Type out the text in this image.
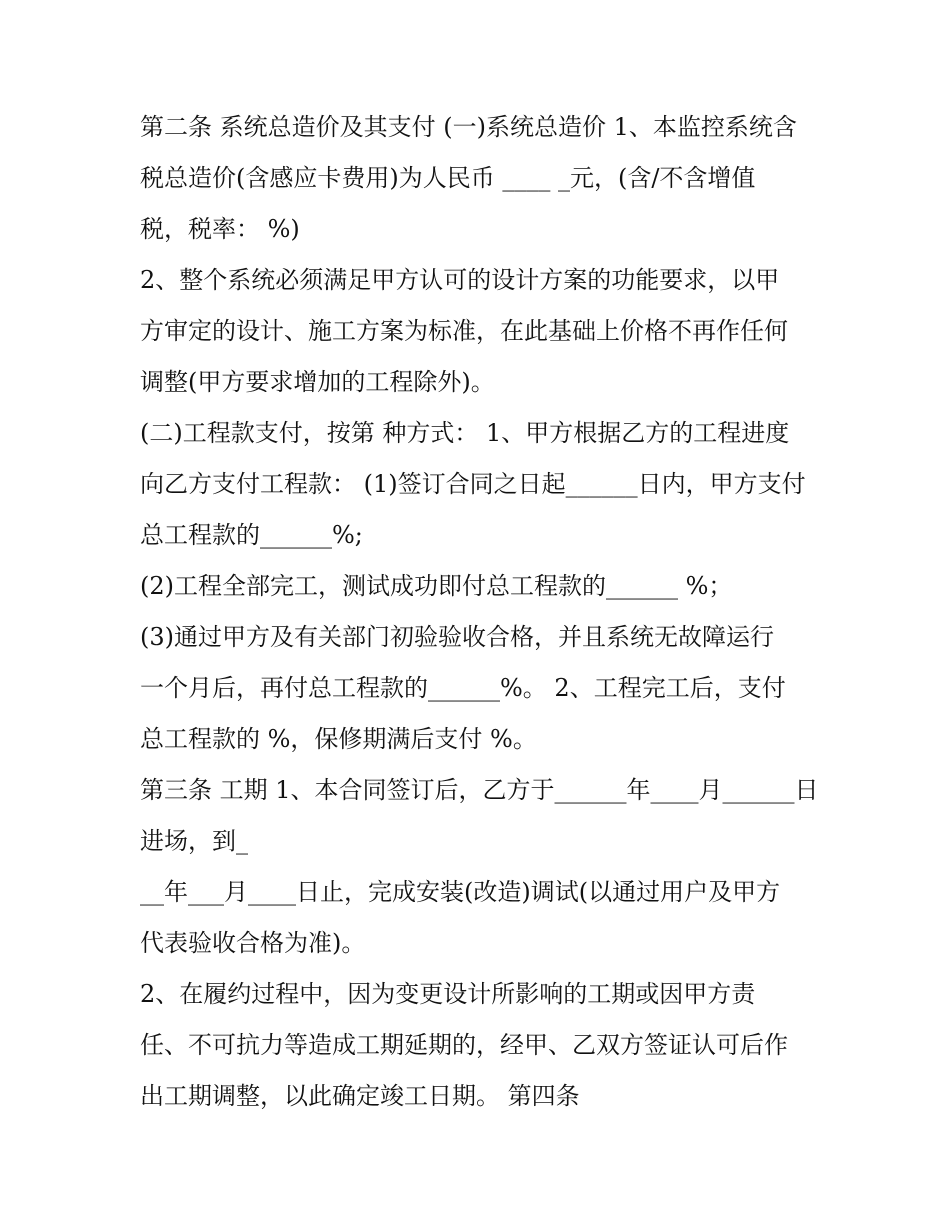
第二条 系统总造价及其支付 (一)系统总造价 1、本监控系统含
税总造价(含感应卡费用)为人民币 ____ _元，(含/不含增值
税，税率： %)
2、整个系统必须满足甲方认可的设计方案的功能要求，以甲
方审定的设计、施工方案为标准，在此基础上价格不再作任何
调整(甲方要求增加的工程除外)。
(二)工程款支付，按第 种方式： 1、甲方根据乙方的工程进度
向乙方支付工程款： (1)签订合同之日起______日内，甲方支付
总工程款的______%;
(2)工程全部完工，测试成功即付总工程款的______ %；
(3)通过甲方及有关部门初验验收合格，并且系统无故障运行
一个月后，再付总工程款的______%。 2、工程完工后，支付
总工程款的 %，保修期满后支付 %。
第三条 工期 1、本合同签订后，乙方于______年____月______日
进场，到_
__年___月____日止，完成安装(改造)调试(以通过用户及甲方
代表验收合格为准)。
2、在履约过程中，因为变更设计所影响的工期或因甲方责
任、不可抗力等造成工期延期的，经甲、乙双方签证认可后作
出工期调整，以此确定竣工日期。 第四条
